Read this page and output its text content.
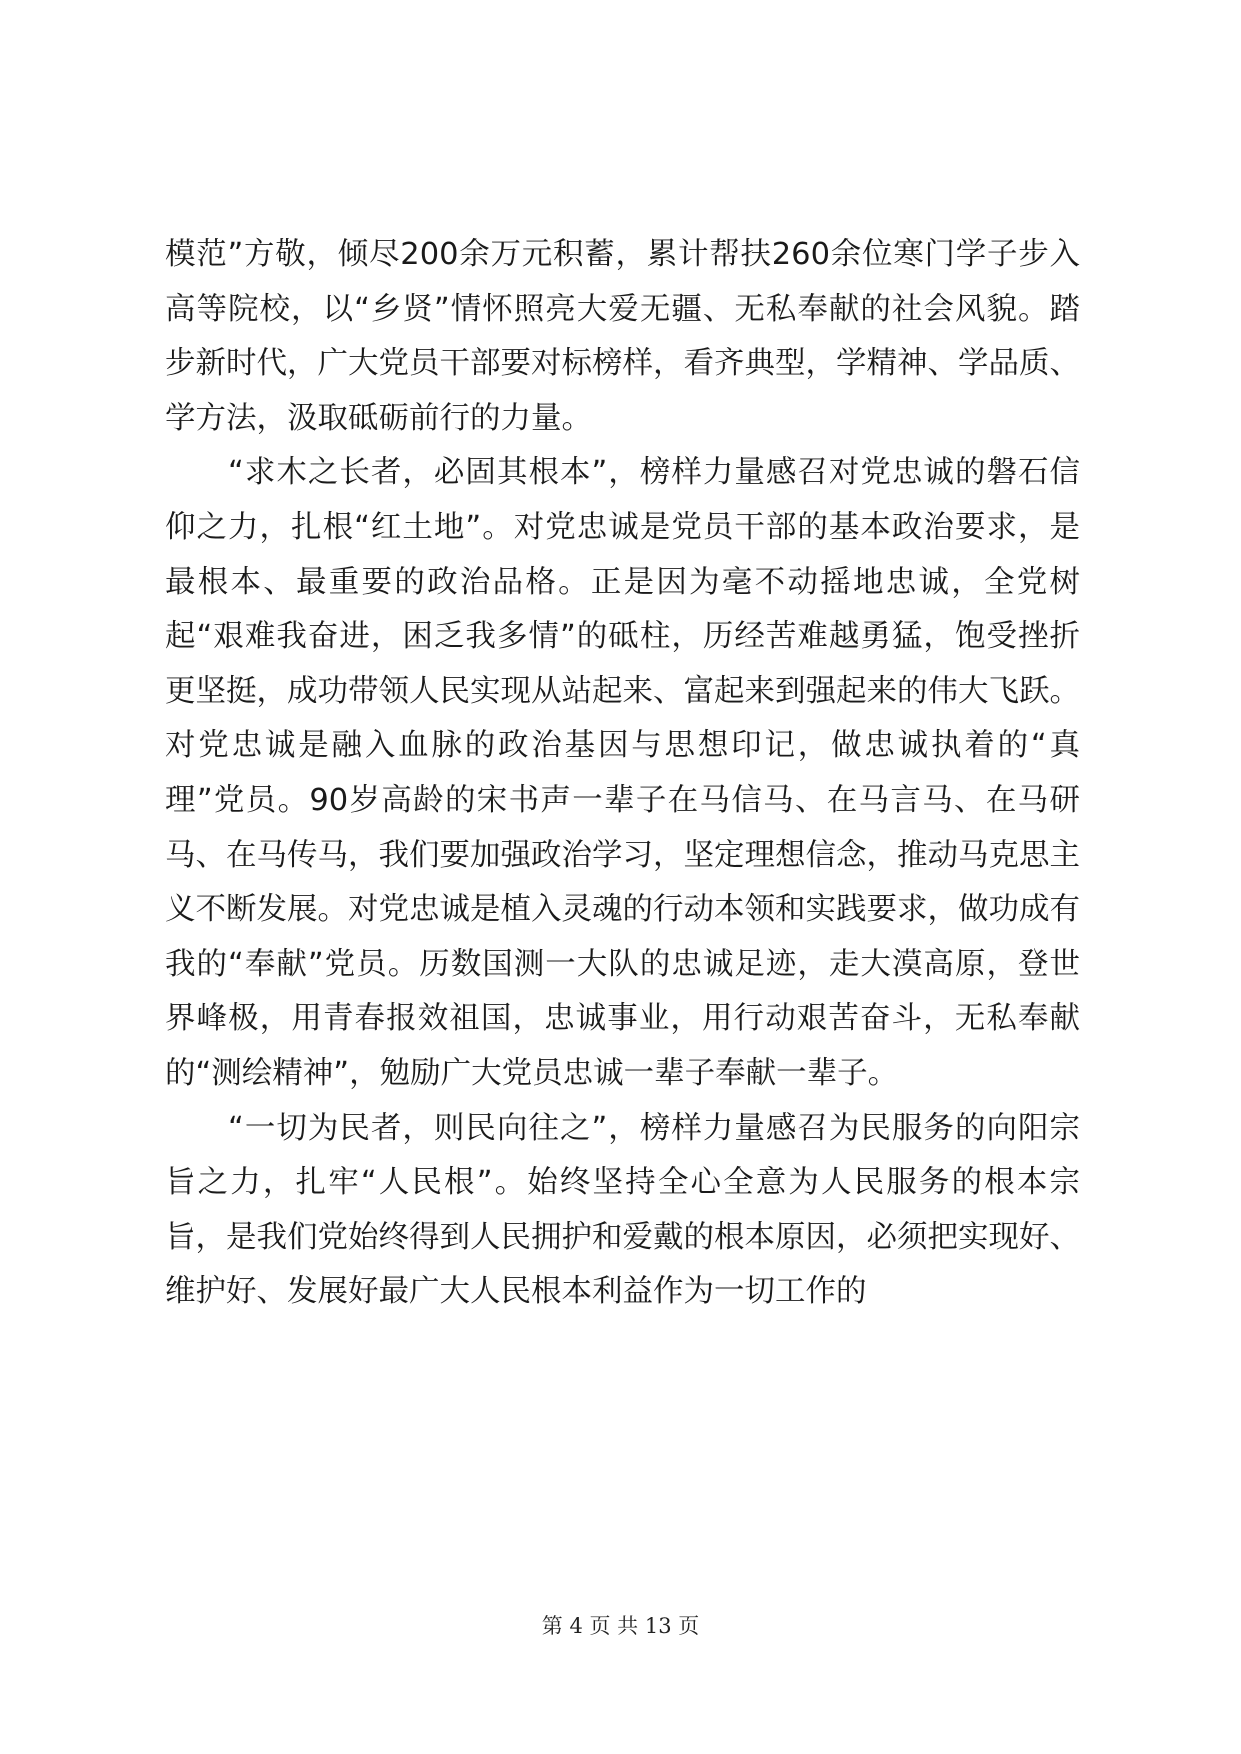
模范”方敬，倾尽200余万元积蓄，累计帮扶260余位寒门学子步入高等院校，以“乡贤”情怀照亮大爱无疆、无私奉献的社会风貌。踏步新时代，广大党员干部要对标榜样，看齐典型，学精神、学品质、学方法，汲取砥砺前行的力量。

　　“求木之长者，必固其根本”，榜样力量感召对党忠诚的磐石信仰之力，扎根“红土地”。对党忠诚是党员干部的基本政治要求，是最根本、最重要的政治品格。正是因为毫不动摇地忠诚，全党树起“艰难我奋进，困乏我多情”的砥柱，历经苦难越勇猛，饱受挫折更坚挺，成功带领人民实现从站起来、富起来到强起来的伟大飞跃。对党忠诚是融入血脉的政治基因与思想印记，做忠诚执着的“真理”党员。90岁高龄的宋书声一辈子在马信马、在马言马、在马研马、在马传马，我们要加强政治学习，坚定理想信念，推动马克思主义不断发展。对党忠诚是植入灵魂的行动本领和实践要求，做功成有我的“奉献”党员。历数国测一大队的忠诚足迹，走大漠高原，登世界峰极，用青春报效祖国，忠诚事业，用行动艰苦奋斗，无私奉献的“测绘精神”，勉励广大党员忠诚一辈子奉献一辈子。

　　“一切为民者，则民向往之”，榜样力量感召为民服务的向阳宗旨之力，扎牢“人民根”。始终坚持全心全意为人民服务的根本宗旨，是我们党始终得到人民拥护和爱戴的根本原因，必须把实现好、维护好、发展好最广大人民根本利益作为一切工作的

第 4 页 共 13 页
